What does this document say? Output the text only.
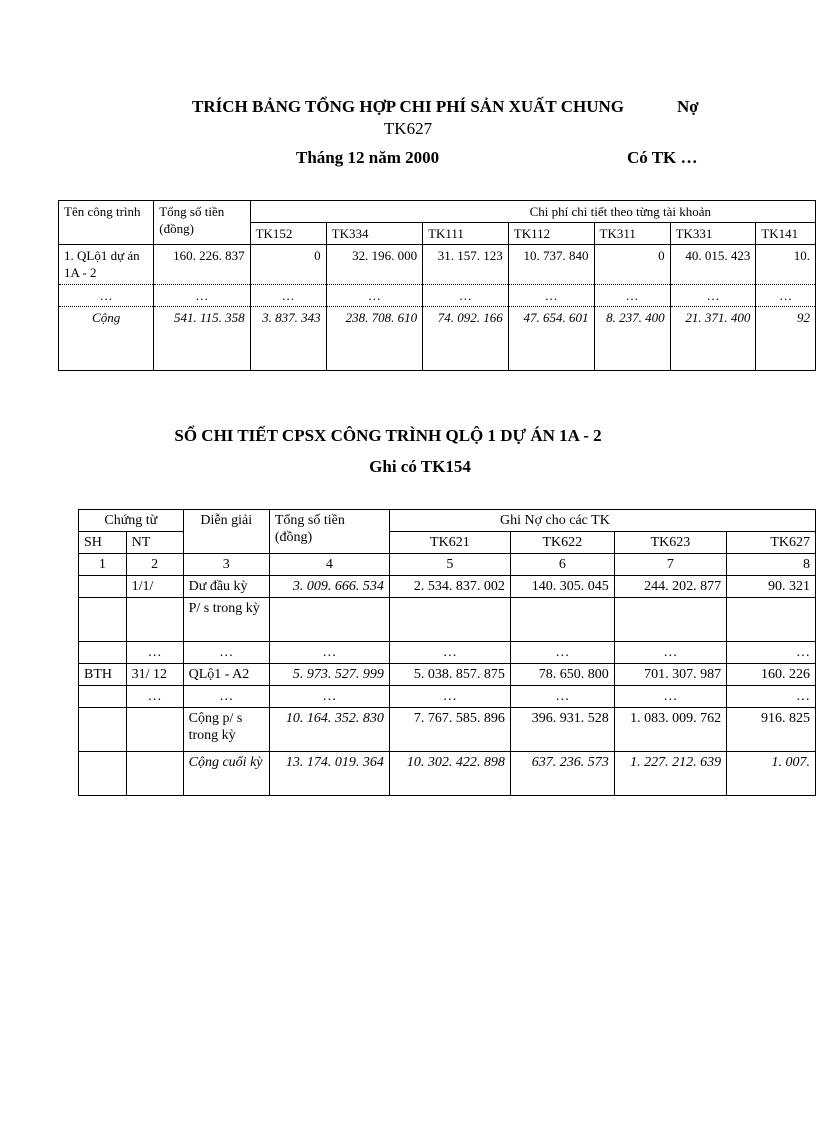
TRÍCH BẢNG TỔNG HỢP CHI PHÍ SẢN XUẤT CHUNG	Nợ
TK627
Tháng 12 năm 2000	Có TK …
Tên công trình	Tổng số tiền (đồng)	Chi phí chi tiết theo từng tài khoản						
		TK152	TK334	TK111	TK112	TK311	TK331	TK141
1. QLộ1 dự án 1A - 2	160. 226. 837	0	32. 196. 000	31. 157. 123	10. 737. 840	0	40. 015. 423	10.
…	…	…	…	…	…	…	…	…
Cộng	541. 115. 358	3. 837. 343	238. 708. 610	74. 092. 166	47. 654. 601	8. 237. 400	21. 371. 400	92
SỔ CHI TIẾT CPSX CÔNG TRÌNH QLỘ 1 DỰ ÁN 1A - 2
Ghi có TK154
Chứng từ		Diễn giải	Tổng số tiền (đồng)	Ghi Nợ cho các TK			
SH	NT			TK621	TK622	TK623	TK627
1	2	3	4	5	6	7	8
	1/1/	Dư đầu kỳ	3. 009. 666. 534	2. 534. 837. 002	140. 305. 045	244. 202. 877	90. 321
		P/ s trong kỳ					
	…	…	…	…	…	…	…
BTH	31/ 12	QLộ1 - A2	5. 973. 527. 999	5. 038. 857. 875	78. 650. 800	701. 307. 987	160. 226
	…	…	…	…	…	…	…
		Cộng p/ s trong kỳ	10. 164. 352. 830	7. 767. 585. 896	396. 931. 528	1. 083. 009. 762	916. 825
		Cộng cuối kỳ	13. 174. 019. 364	10. 302. 422. 898	637. 236. 573	1. 227. 212. 639	1. 007.
